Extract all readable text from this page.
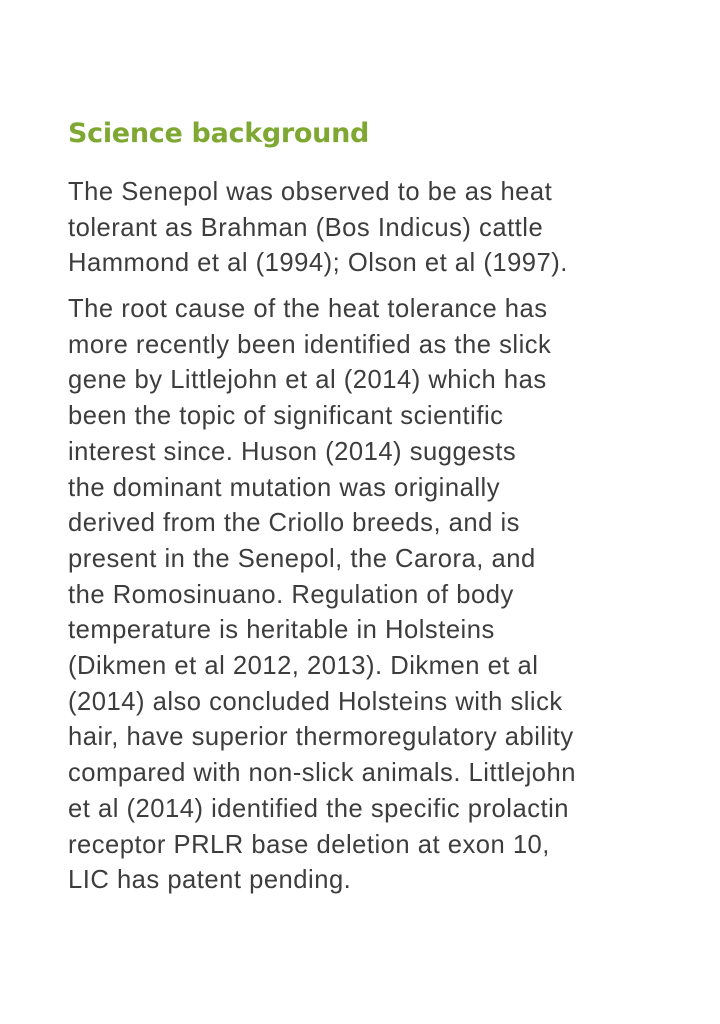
Science background

The Senepol was observed to be as heat
tolerant as Brahman (Bos Indicus) cattle
Hammond et al (1994); Olson et al (1997).

The root cause of the heat tolerance has
more recently been identified as the slick
gene by Littlejohn et al (2014) which has
been the topic of significant scientific
interest since. Huson (2014) suggests
the dominant mutation was originally
derived from the Criollo breeds, and is
present in the Senepol, the Carora, and
the Romosinuano. Regulation of body
temperature is heritable in Holsteins
(Dikmen et al 2012, 2013). Dikmen et al
(2014) also concluded Holsteins with slick
hair, have superior thermoregulatory ability
compared with non-slick animals. Littlejohn
et al (2014) identified the specific prolactin
receptor PRLR base deletion at exon 10,
LIC has patent pending.
